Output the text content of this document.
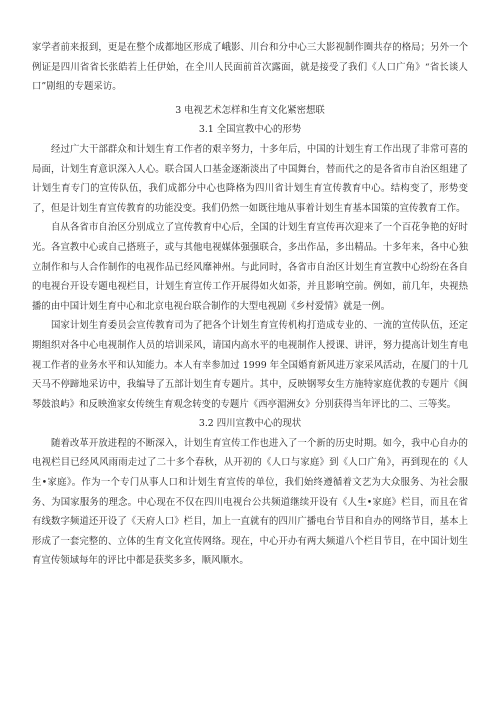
家学者前来报到，更是在整个成都地区形成了峨影、川台和分中心三大影视制作圈共存的格局；另外一个例证是四川省省长张皓若上任伊始，在全川人民面前首次露面，就是接受了我们《人口广角》“省长谈人口”剧组的专题采访。

3 电视艺术怎样和生育文化紧密想联
3.1 全国宣教中心的形势

经过广大干部群众和计划生育工作者的艰辛努力，十多年后，中国的计划生育工作出现了非常可喜的局面，计划生育意识深入人心。联合国人口基金逐渐淡出了中国舞台，替而代之的是各省市自治区组建了计划生育专门的宣传队伍，我们成都分中心也降格为四川省计划生育宣传教育中心。结构变了，形势变了，但是计划生育宣传教育的功能没变。我们仍然一如既往地从事着计划生育基本国策的宣传教育工作。

自从各省市自治区分别成立了宣传教育中心后，全国的计划生育宣传再次迎来了一个百花争艳的好时光。各宣教中心或自己搭班子，或与其他电视媒体强强联合，多出作品，多出精品。十多年来，各中心独立制作和与人合作制作的电视作品已经风靡神州。与此同时，各省市自治区计划生育宣教中心纷纷在各自的电视台开设专题电视栏目，计划生育宣传工作开展得如火如荼，并且影响空前。例如，前几年，央视热播的由中国计划生育中心和北京电视台联合制作的大型电视剧《乡村爱情》就是一例。

国家计划生育委员会宣传教育司为了把各个计划生育宣传机构打造成专业的、一流的宣传队伍，还定期组织对各中心电视制作人员的培训采风，请国内高水平的电视制作人授课、讲评，努力提高计划生育电视工作者的业务水平和认知能力。本人有幸参加过 1999 年全国婚育新风进万家采风活动，在厦门的十几天马不停蹄地采访中，我编导了五部计划生育专题片。其中，反映钢琴女生方施特家庭优教的专题片《闽琴鼓浪屿》和反映渔家女传统生育观念转变的专题片《西亭湄洲女》分别获得当年评比的二、三等奖。

3.2 四川宣教中心的现状

随着改革开放进程的不断深入，计划生育宣传工作也进入了一个新的历史时期。如今，我中心自办的电视栏目已经风风雨雨走过了二十多个春秋，从开初的《人口与家庭》到《人口广角》，再到现在的《人生•家庭》。作为一个专门从事人口和计划生育宣传的单位，我们始终遵循着文艺为大众服务、为社会服务、为国家服务的理念。中心现在不仅在四川电视台公共频道继续开设有《人生•家庭》栏目，而且在省有线数字频道还开设了《天府人口》栏目，加上一直就有的四川广播电台节目和自办的网络节目，基本上形成了一套完整的、立体的生育文化宣传网络。现在，中心开办有两大频道八个栏目节目，在中国计划生育宣传领域每年的评比中都是获奖多多，顺风顺水。
